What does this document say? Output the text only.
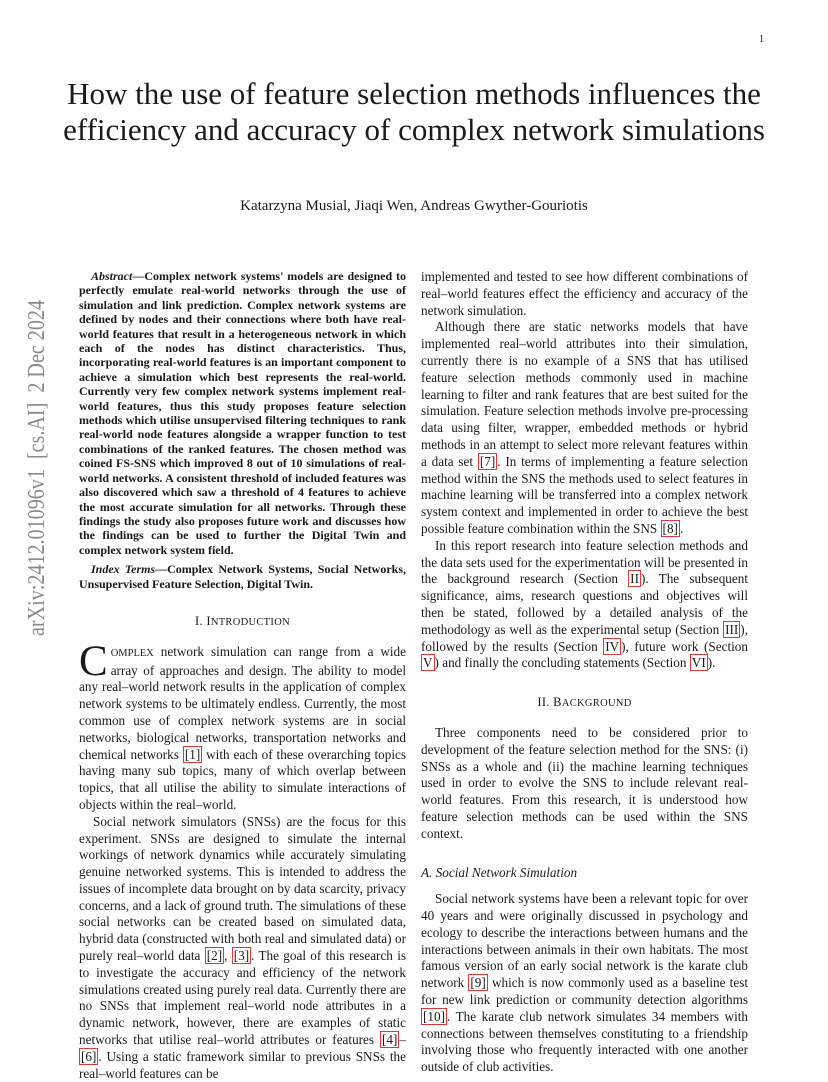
1
arXiv:2412.01096v1  [cs.AI]  2 Dec 2024
How the use of feature selection methods influences the efficiency and accuracy of complex network simulations
Katarzyna Musial, Jiaqi Wen, Andreas Gwyther-Gouriotis

Abstract—Complex network systems' models are designed to perfectly emulate real-world networks through the use of simulation and link prediction. Complex network systems are defined by nodes and their connections where both have real-world features that result in a heterogeneous network in which each of the nodes has distinct characteristics. Thus, incorporating real-world features is an important component to achieve a simulation which best represents the real-world. Currently very few complex network systems implement real-world features, thus this study proposes feature selection methods which utilise unsupervised filtering techniques to rank real-world node features alongside a wrapper function to test combinations of the ranked features. The chosen method was coined FS-SNS which improved 8 out of 10 simulations of real-world networks. A consistent threshold of included features was also discovered which saw a threshold of 4 features to achieve the most accurate simulation for all networks. Through these findings the study also proposes future work and discusses how the findings can be used to further the Digital Twin and complex network system field.

Index Terms—Complex Network Systems, Social Networks, Unsupervised Feature Selection, Digital Twin.

I. INTRODUCTION

COMPLEX network simulation can range from a wide array of approaches and design. The ability to model any real–world network results in the application of complex network systems to be ultimately endless. Currently, the most common use of complex network systems are in social networks, biological networks, transportation networks and chemical networks [1] with each of these overarching topics having many sub topics, many of which overlap between topics, that all utilise the ability to simulate interactions of objects within the real–world.

Social network simulators (SNSs) are the focus for this experiment. SNSs are designed to simulate the internal workings of network dynamics while accurately simulating genuine networked systems. This is intended to address the issues of incomplete data brought on by data scarcity, privacy concerns, and a lack of ground truth. The simulations of these social networks can be created based on simulated data, hybrid data (constructed with both real and simulated data) or purely real–world data [2] , [3] . The goal of this research is to investigate the accuracy and efficiency of the network simulations created using purely real data. Currently there are no SNSs that implement real–world node attributes in a dynamic network, however, there are examples of static networks that utilise real–world attributes or features [4] –[6] . Using a static framework similar to previous SNSs the real–world features can be

implemented and tested to see how different combinations of real–world features effect the efficiency and accuracy of the network simulation.

Although there are static networks models that have implemented real–world attributes into their simulation, currently there is no example of a SNS that has utilised feature selection methods commonly used in machine learning to filter and rank features that are best suited for the simulation. Feature selection methods involve pre-processing data using filter, wrapper, embedded methods or hybrid methods in an attempt to select more relevant features within a data set [7] . In terms of implementing a feature selection method within the SNS the methods used to select features in machine learning will be transferred into a complex network system context and implemented in order to achieve the best possible feature combination within the SNS [8] .

In this report research into feature selection methods and the data sets used for the experimentation will be presented in the background research (Section II ). The subsequent significance, aims, research questions and objectives will then be stated, followed by a detailed analysis of the methodology as well as the experimental setup (Section III ), followed by the results (Section IV ), future work (Section V ) and finally the concluding statements (Section VI ).

II. BACKGROUND

Three components need to be considered prior to development of the feature selection method for the SNS: (i) SNSs as a whole and (ii) the machine learning techniques used in order to evolve the SNS to include relevant real-world features. From this research, it is understood how feature selection methods can be used within the SNS context.

A. Social Network Simulation

Social network systems have been a relevant topic for over 40 years and were originally discussed in psychology and ecology to describe the interactions between humans and the interactions between animals in their own habitats. The most famous version of an early social network is the karate club network [9] which is now commonly used as a baseline test for new link prediction or community detection algorithms [10] . The karate club network simulates 34 members with connections between themselves constituting to a friendship involving those who frequently interacted with one another outside of club activities.
